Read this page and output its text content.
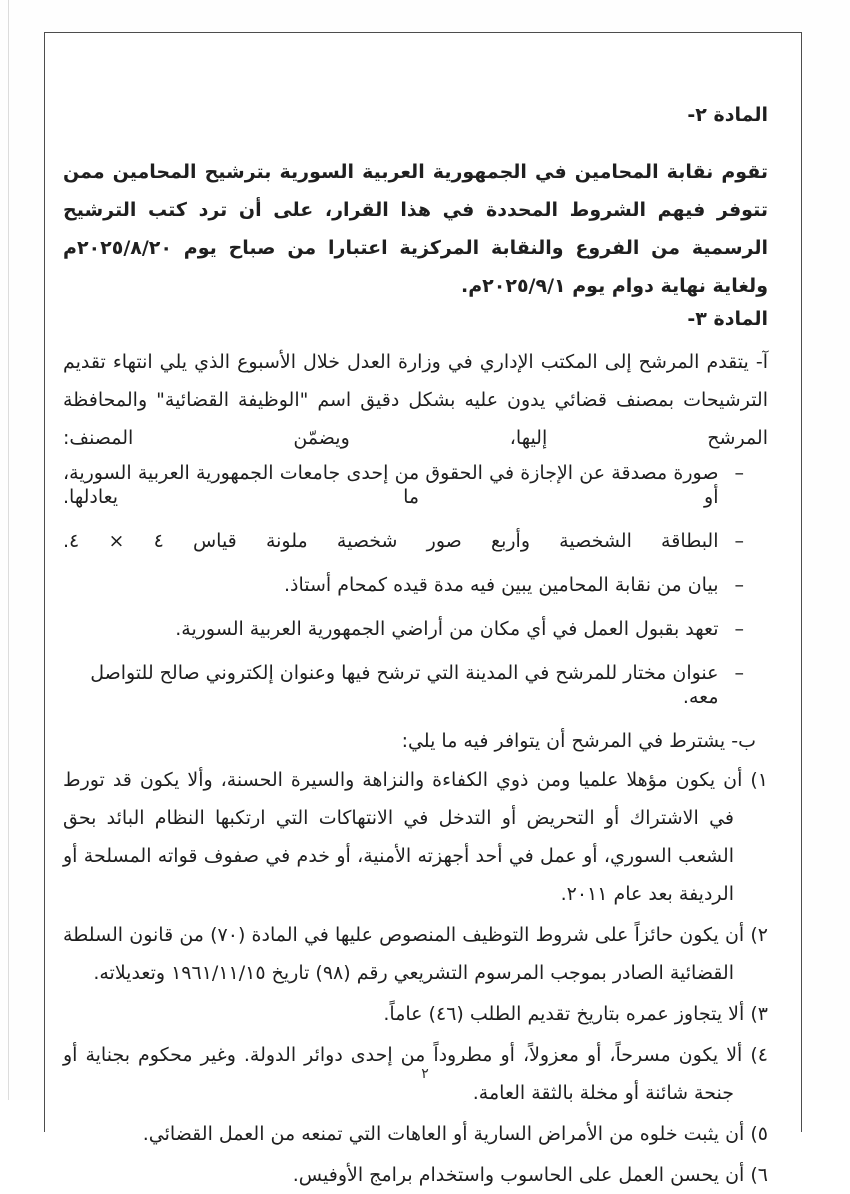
المادة ٢-

تقوم نقابة المحامين في الجمهورية العربية السورية بترشيح المحامين ممن تتوفر فيهم الشروط المحددة في هذا القرار، على أن ترد كتب الترشيح الرسمية من الفروع والنقابة المركزية اعتبارا من صباح يوم ٢٠٢٥/٨/٢٠م ولغاية نهاية دوام يوم ٢٠٢٥/٩/١م.

المادة ٣-

آ- يتقدم المرشح إلى المكتب الإداري في وزارة العدل خلال الأسبوع الذي يلي انتهاء تقديم الترشيحات بمصنف قضائي يدون عليه بشكل دقيق اسم "الوظيفة القضائية" والمحافظة المرشح إليها، ويضمّن المصنف:

–
صورة مصدقة عن الإجازة في الحقوق من إحدى جامعات الجمهورية العربية السورية، أو ما يعادلها.
–
البطاقة الشخصية وأربع صور شخصية ملونة قياس ٤ × ٤.
–
بيان من نقابة المحامين يبين فيه مدة قيده كمحام أستاذ.
–
تعهد بقبول العمل في أي مكان من أراضي الجمهورية العربية السورية.
–
عنوان مختار للمرشح في المدينة التي ترشح فيها وعنوان إلكتروني صالح للتواصل معه.

ب- يشترط في المرشح أن يتوافر فيه ما يلي:

١) أن يكون مؤهلا علميا ومن ذوي الكفاءة والنزاهة والسيرة الحسنة، وألا يكون قد تورط في الاشتراك أو التحريض أو التدخل في الانتهاكات التي ارتكبها النظام البائد بحق الشعب السوري، أو عمل في أحد أجهزته الأمنية، أو خدم في صفوف قواته المسلحة أو الرديفة بعد عام ٢٠١١.

٢) أن يكون حائزاً على شروط التوظيف المنصوص عليها في المادة (٧٠) من قانون السلطة القضائية الصادر بموجب المرسوم التشريعي رقم (٩٨) تاريخ ١٩٦١/١١/١٥ وتعديلاته.

٣) ألا يتجاوز عمره بتاريخ تقديم الطلب (٤٦) عاماً.

٤) ألا يكون مسرحاً، أو معزولاً، أو مطروداً من إحدى دوائر الدولة. وغير محكوم بجناية أو جنحة شائنة أو مخلة بالثقة العامة.

٥) أن يثبت خلوه من الأمراض السارية أو العاهات التي تمنعه من العمل القضائي.

٦) أن يحسن العمل على الحاسوب واستخدام برامج الأوفيس.

٢
